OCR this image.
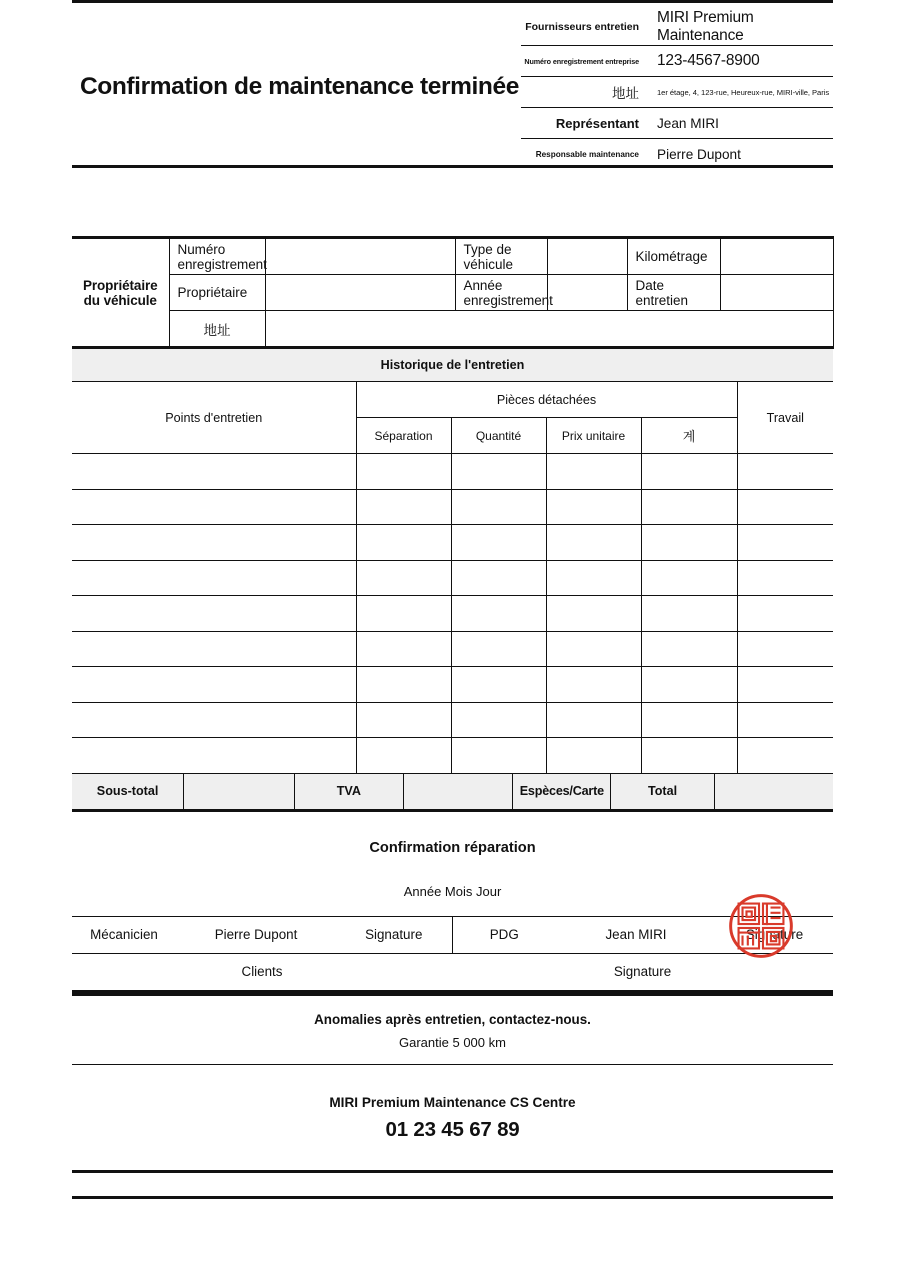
Confirmation de maintenance terminée
Fournisseurs entretien	MIRI Premium Maintenance
Numéro enregistrement entreprise	123-4567-8900
地址	1er étage, 4, 123-rue, Heureux-rue, MIRI-ville, Paris
Représentant	Jean MIRI
Responsable maintenance	Pierre Dupont
Propriétaire du véhicule	Numéro enregistrement		Type de véhicule		Kilométrage	
	Propriétaire		Année enregistrement		Date entretien	
	地址					
Historique de l'entretien
Points d'entretien	Pièces détachées				Travail
	Séparation	Quantité	Prix unitaire	계	

Sous-total		TVA		Espèces/Carte	Total	
Confirmation réparation
Année Mois Jour
Mécanicien	Pierre Dupont	Signature	PDG	Jean MIRI	Signature
Clients			Signature		
Anomalies après entretien, contactez-nous.
Garantie 5 000 km
MIRI Premium Maintenance CS Centre
01 23 45 67 89
